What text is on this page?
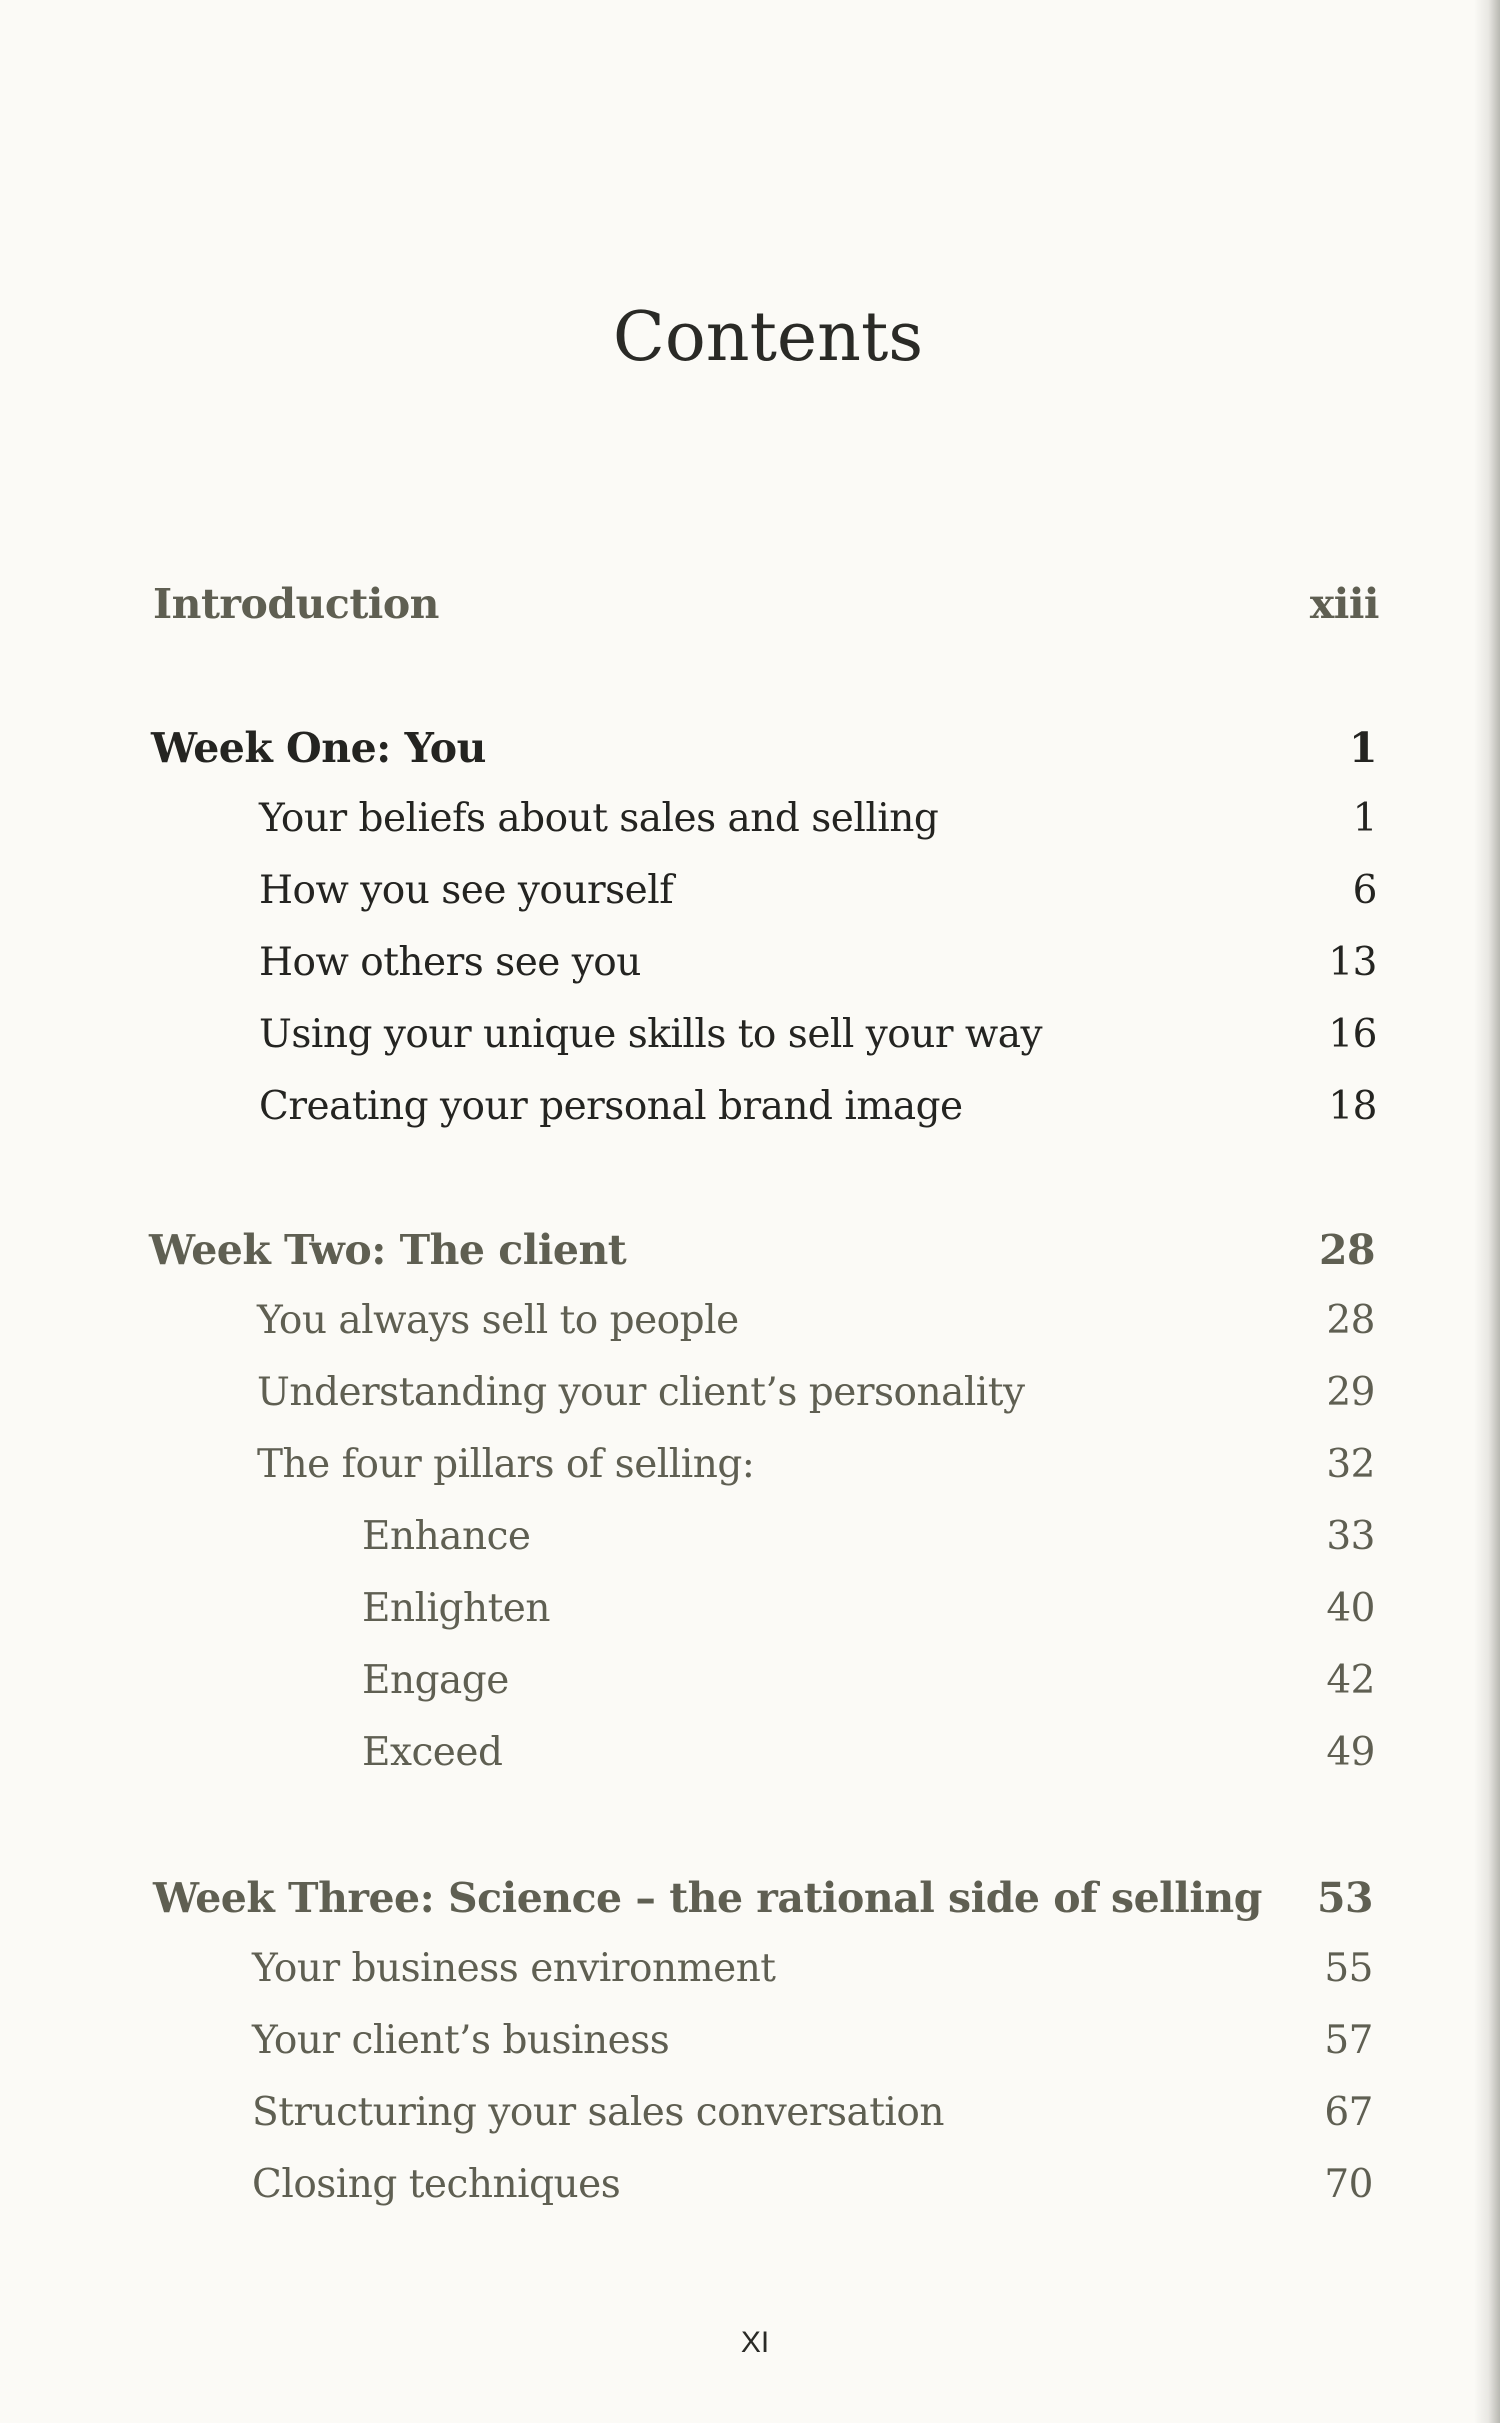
Contents
Introduction	xiii
Week One: You	1
Your beliefs about sales and selling	1
How you see yourself	6
How others see you	13
Using your unique skills to sell your way	16
Creating your personal brand image	18
Week Two: The client	28
You always sell to people	28
Understanding your client’s personality	29
The four pillars of selling:	32
Enhance	33
Enlighten	40
Engage	42
Exceed	49
Week Three: Science – the rational side of selling 53
Your business environment	55
Your client’s business	57
Structuring your sales conversation	67
Closing techniques	70
XI
